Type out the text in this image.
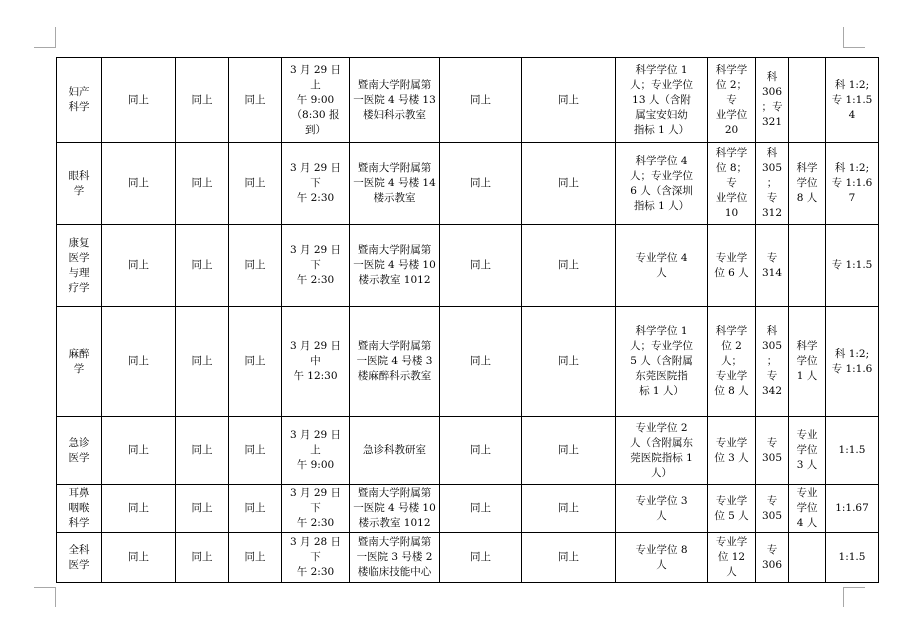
妇产
科学	同上	同上	同上	3 月 29 日上
午 9:00
（8:30 报
到）	暨南大学附属第
一医院 4 号楼 13
楼妇科示教室	同上	同上	科学学位 1
人；专业学位
13 人（含附
属宝安妇幼
指标 1 人）	科学学
位 2；专
业学位
20	科
306
；专
321		科 1:2;
专 1:1.54
眼科
学	同上	同上	同上	3 月 29 日下
午 2:30	暨南大学附属第
一医院 4 号楼 14
楼示教室	同上	同上	科学学位 4
人；专业学位
6 人（含深圳
指标 1 人）	科学学
位 8；专
业学位
10	科
305
；
专
312	科学
学位
8 人	科 1:2;
专 1:1.67
康复
医学
与理
疗学	同上	同上	同上	3 月 29 日下
午 2:30	暨南大学附属第
一医院 4 号楼 10
楼示教室 1012	同上	同上	专业学位 4
人	专业学
位 6 人	专
314		专 1:1.5
麻醉
学	同上	同上	同上	3 月 29 日中
午 12:30	暨南大学附属第
一医院 4 号楼 3
楼麻醉科示教室	同上	同上	科学学位 1
人；专业学位
5 人（含附属
东莞医院指
标 1 人）	科学学
位 2 人；
专业学
位 8 人	科
305
；
专
342	科学
学位
1 人	科 1:2;
专 1:1.6
急诊
医学	同上	同上	同上	3 月 29 日上
午 9:00	急诊科教研室	同上	同上	专业学位 2
人（含附属东
莞医院指标 1
人）	专业学
位 3 人	专
305	专业
学位
3 人	1:1.5
耳鼻
咽喉
科学	同上	同上	同上	3 月 29 日下
午 2:30	暨南大学附属第
一医院 4 号楼 10
楼示教室 1012	同上	同上	专业学位 3
人	专业学
位 5 人	专
305	专业
学位
4 人	1:1.67
全科
医学	同上	同上	同上	3 月 28 日下
午 2:30	暨南大学附属第
一医院 3 号楼 2
楼临床技能中心	同上	同上	专业学位 8
人	专业学
位 12 人	专
306		1:1.5
